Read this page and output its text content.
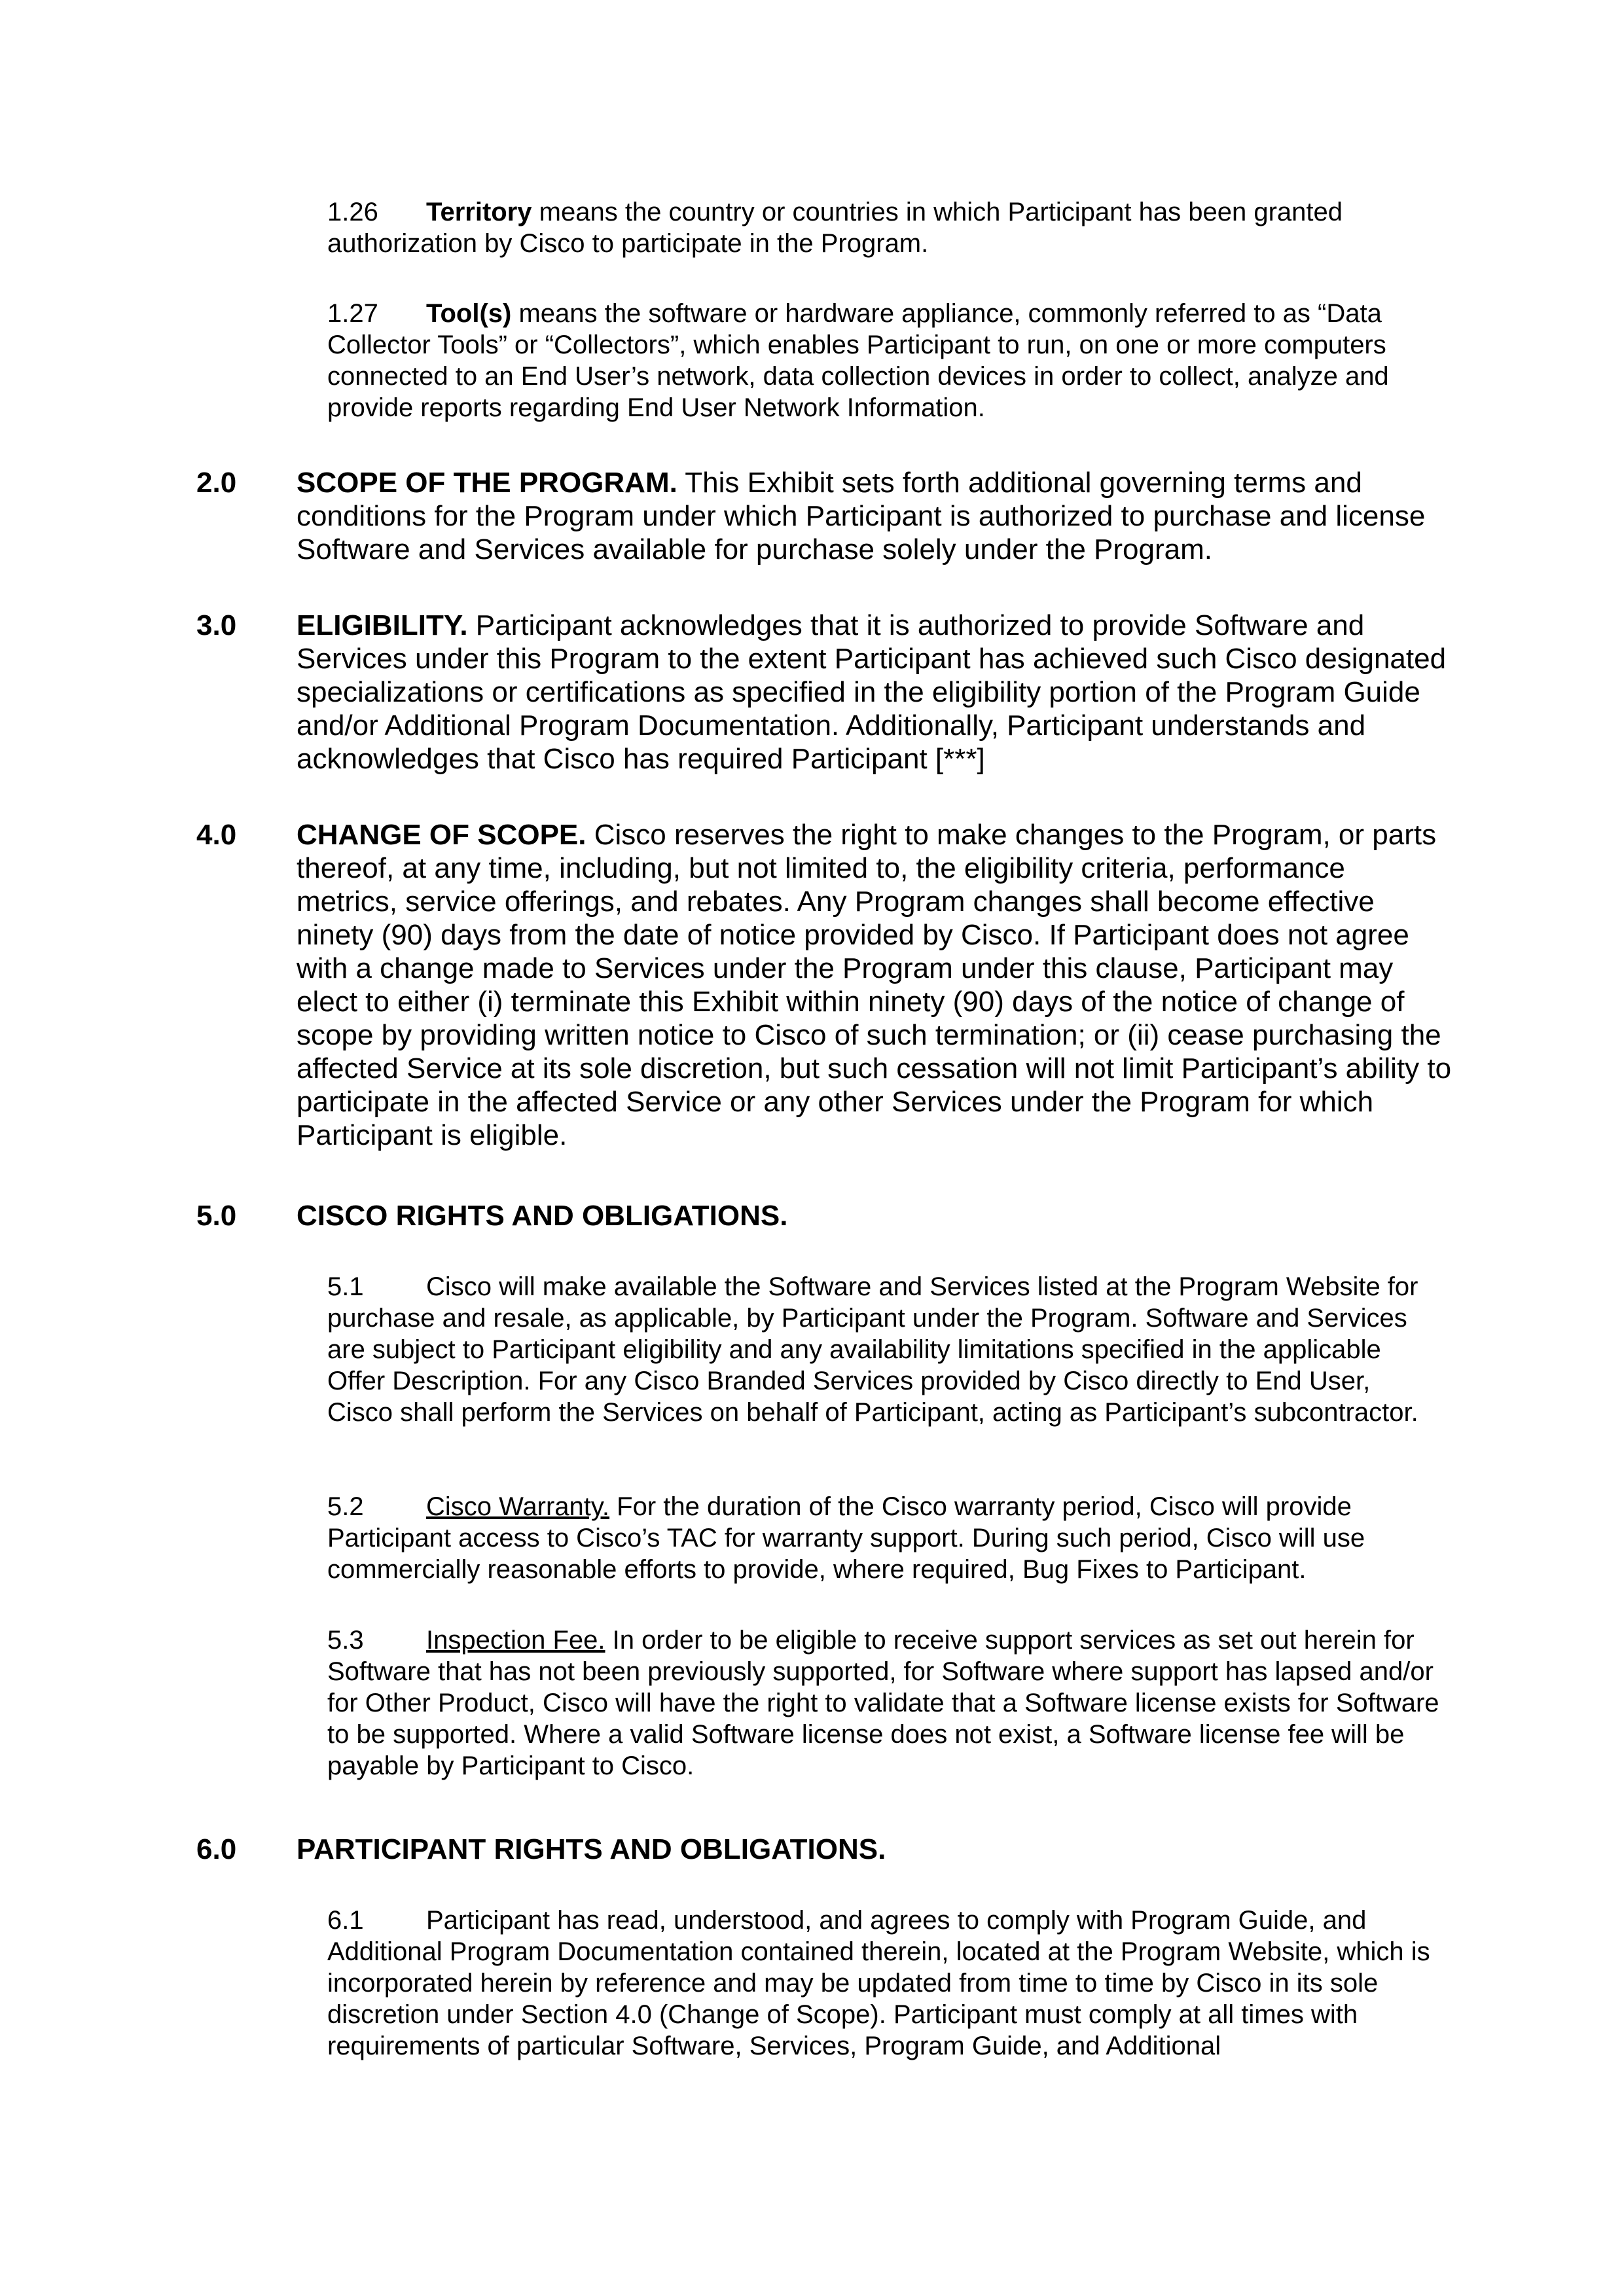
1.26 Territory means the country or countries in which Participant has been granted authorization by Cisco to participate in the Program.
1.27 Tool(s) means the software or hardware appliance, commonly referred to as “Data Collector Tools” or “Collectors”, which enables Participant to run, on one or more computers connected to an End User’s network, data collection devices in order to collect, analyze and provide reports regarding End User Network Information.
2.0 SCOPE OF THE PROGRAM. This Exhibit sets forth additional governing terms and conditions for the Program under which Participant is authorized to purchase and license Software and Services available for purchase solely under the Program.
3.0 ELIGIBILITY. Participant acknowledges that it is authorized to provide Software and Services under this Program to the extent Participant has achieved such Cisco designated specializations or certifications as specified in the eligibility portion of the Program Guide and/or Additional Program Documentation. Additionally, Participant understands and acknowledges that Cisco has required Participant [***]
4.0 CHANGE OF SCOPE. Cisco reserves the right to make changes to the Program, or parts thereof, at any time, including, but not limited to, the eligibility criteria, performance metrics, service offerings, and rebates. Any Program changes shall become effective ninety (90) days from the date of notice provided by Cisco. If Participant does not agree with a change made to Services under the Program under this clause, Participant may elect to either (i) terminate this Exhibit within ninety (90) days of the notice of change of scope by providing written notice to Cisco of such termination; or (ii) cease purchasing the affected Service at its sole discretion, but such cessation will not limit Participant’s ability to participate in the affected Service or any other Services under the Program for which Participant is eligible.
5.0 CISCO RIGHTS AND OBLIGATIONS.
5.1 Cisco will make available the Software and Services listed at the Program Website for purchase and resale, as applicable, by Participant under the Program. Software and Services are subject to Participant eligibility and any availability limitations specified in the applicable Offer Description. For any Cisco Branded Services provided by Cisco directly to End User, Cisco shall perform the Services on behalf of Participant, acting as Participant’s subcontractor.
5.2 Cisco Warranty. For the duration of the Cisco warranty period, Cisco will provide Participant access to Cisco’s TAC for warranty support. During such period, Cisco will use commercially reasonable efforts to provide, where required, Bug Fixes to Participant.
5.3 Inspection Fee. In order to be eligible to receive support services as set out herein for Software that has not been previously supported, for Software where support has lapsed and/or for Other Product, Cisco will have the right to validate that a Software license exists for Software to be supported. Where a valid Software license does not exist, a Software license fee will be payable by Participant to Cisco.
6.0 PARTICIPANT RIGHTS AND OBLIGATIONS.
6.1 Participant has read, understood, and agrees to comply with Program Guide, and Additional Program Documentation contained therein, located at the Program Website, which is incorporated herein by reference and may be updated from time to time by Cisco in its sole discretion under Section 4.0 (Change of Scope). Participant must comply at all times with requirements of particular Software, Services, Program Guide, and Additional
